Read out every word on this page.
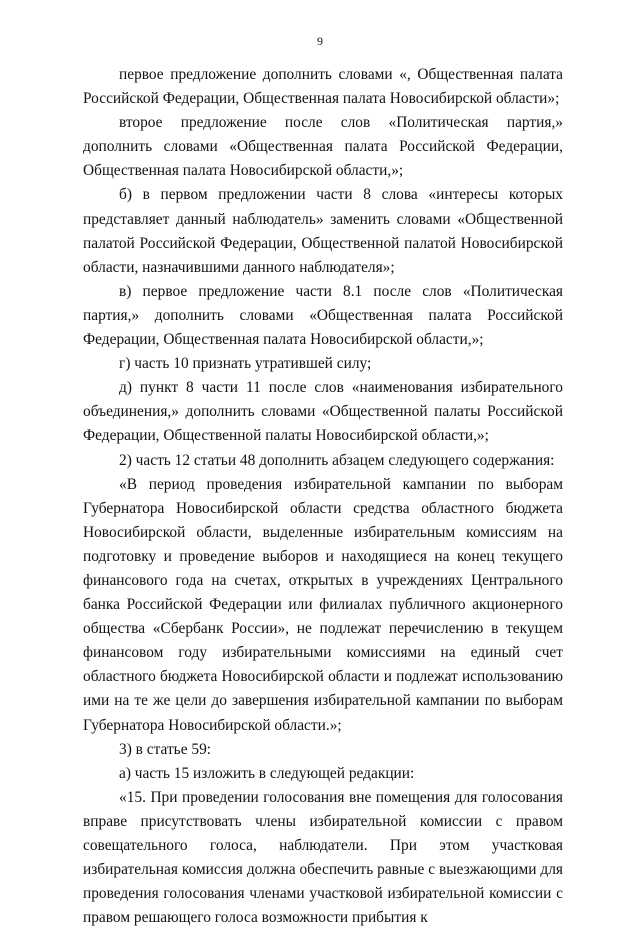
9

первое предложение дополнить словами «, Общественная палата Российской Федерации, Общественная палата Новосибирской области»;

второе предложение после слов «Политическая партия,» дополнить словами «Общественная палата Российской Федерации, Общественная палата Новосибирской области,»;

б) в первом предложении части 8 слова «интересы которых представляет данный наблюдатель» заменить словами «Общественной палатой Российской Федерации, Общественной палатой Новосибирской области, назначившими данного наблюдателя»;

в) первое предложение части 8.1 после слов «Политическая партия,» дополнить словами «Общественная палата Российской Федерации, Общественная палата Новосибирской области,»;

г) часть 10 признать утратившей силу;

д) пункт 8 части 11 после слов «наименования избирательного объединения,» дополнить словами «Общественной палаты Российской Федерации, Общественной палаты Новосибирской области,»;

2) часть 12 статьи 48 дополнить абзацем следующего содержания:

«В период проведения избирательной кампании по выборам Губернатора Новосибирской области средства областного бюджета Новосибирской области, выделенные избирательным комиссиям на подготовку и проведение выборов и находящиеся на конец текущего финансового года на счетах, открытых в учреждениях Центрального банка Российской Федерации или филиалах публичного акционерного общества «Сбербанк России», не подлежат перечислению в текущем финансовом году избирательными комиссиями на единый счет областного бюджета Новосибирской области и подлежат использованию ими на те же цели до завершения избирательной кампании по выборам Губернатора Новосибирской области.»;

3) в статье 59:

а) часть 15 изложить в следующей редакции:

«15. При проведении голосования вне помещения для голосования вправе присутствовать члены избирательной комиссии с правом совещательного голоса, наблюдатели. При этом участковая избирательная комиссия должна обеспечить равные с выезжающими для проведения голосования членами участковой избирательной комиссии с правом решающего голоса возможности прибытия к
